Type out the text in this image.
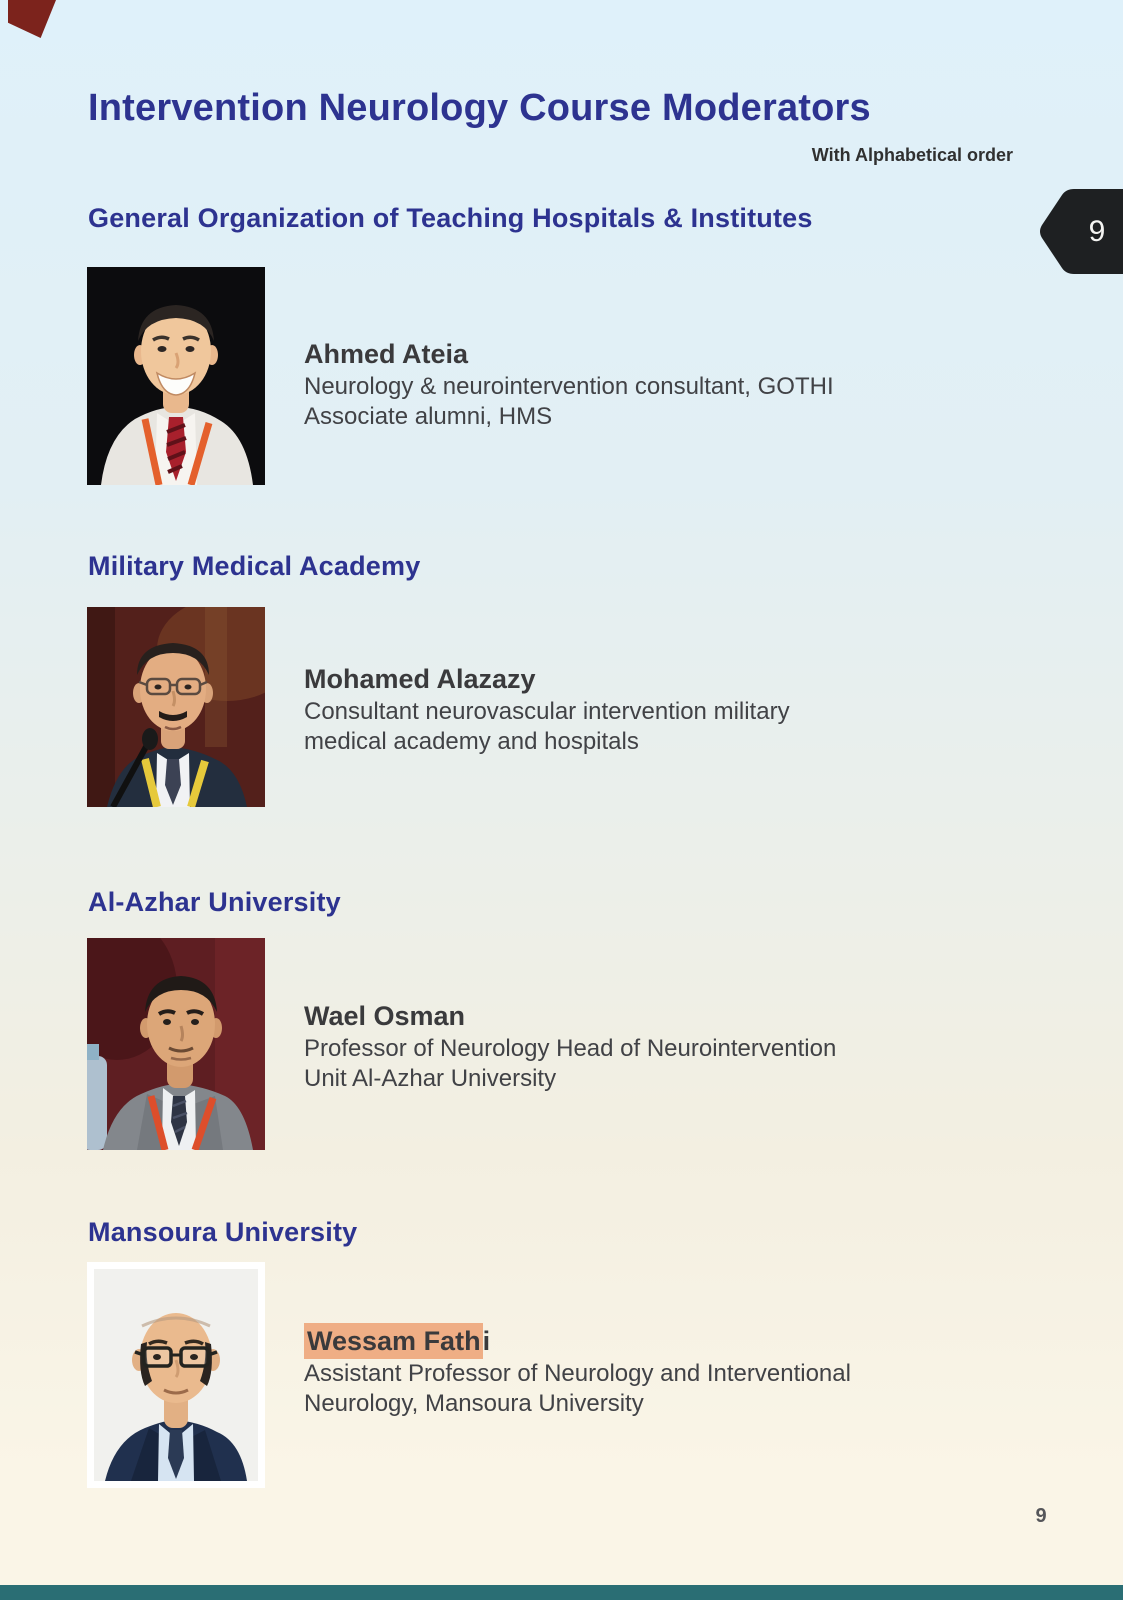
Intervention Neurology Course Moderators
With Alphabetical order
9
General Organization of Teaching Hospitals & Institutes
Ahmed Ateia
Neurology & neurointervention consultant, GOTHI
Associate alumni, HMS
Military Medical Academy
Mohamed Alazazy
Consultant neurovascular intervention military
medical academy and hospitals
Al-Azhar University
Wael Osman
Professor of Neurology Head of Neurointervention
Unit Al-Azhar University
Mansoura University
Wessam Fathi
Assistant Professor of Neurology and Interventional
Neurology, Mansoura University
9
